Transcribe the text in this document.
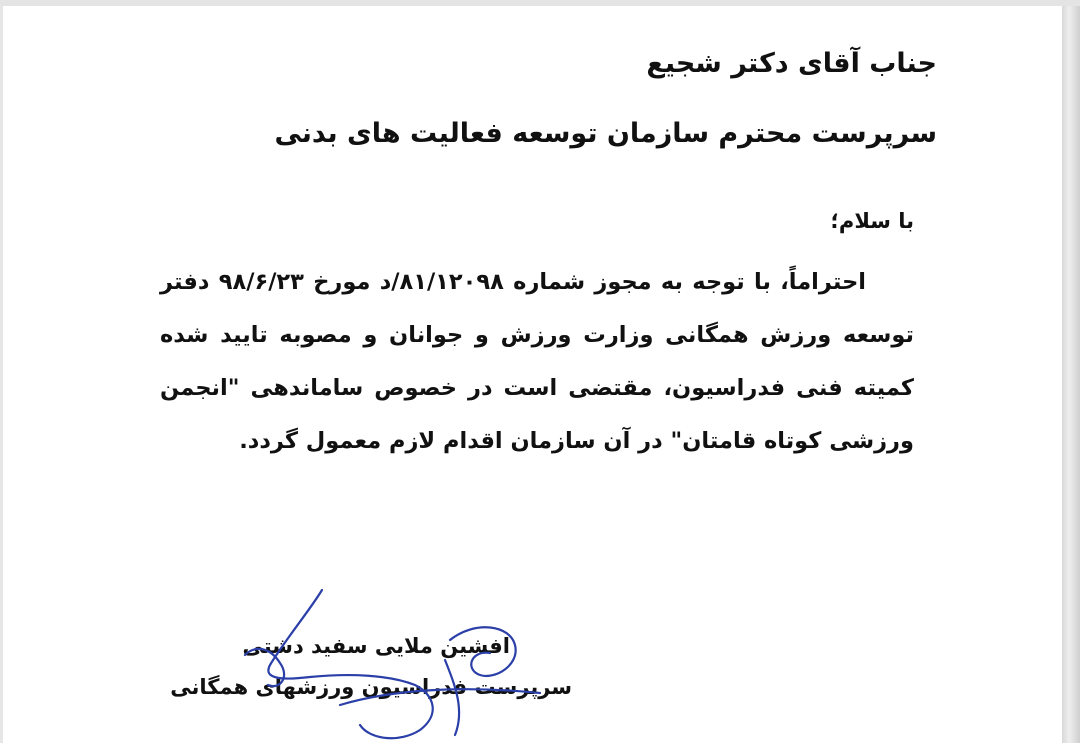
جناب آقای دکتر شجیع
سرپرست محترم سازمان توسعه فعالیت های بدنی
با سلام؛

احتراماً، با توجه به مجوز شماره ۸۱/۱۲۰۹۸/د مورخ ۹۸/۶/۲۳ دفتر توسعه ورزش همگانی وزارت ورزش و جوانان و مصوبه تایید شده کمیته فنی فدراسیون، مقتضی است در خصوص ساماندهی "انجمن ورزشی کوتاه قامتان" در آن سازمان اقدام لازم معمول گردد.

افشین ملایی سفید دشتی
سرپرست فدراسیون ورزشهای همگانی
